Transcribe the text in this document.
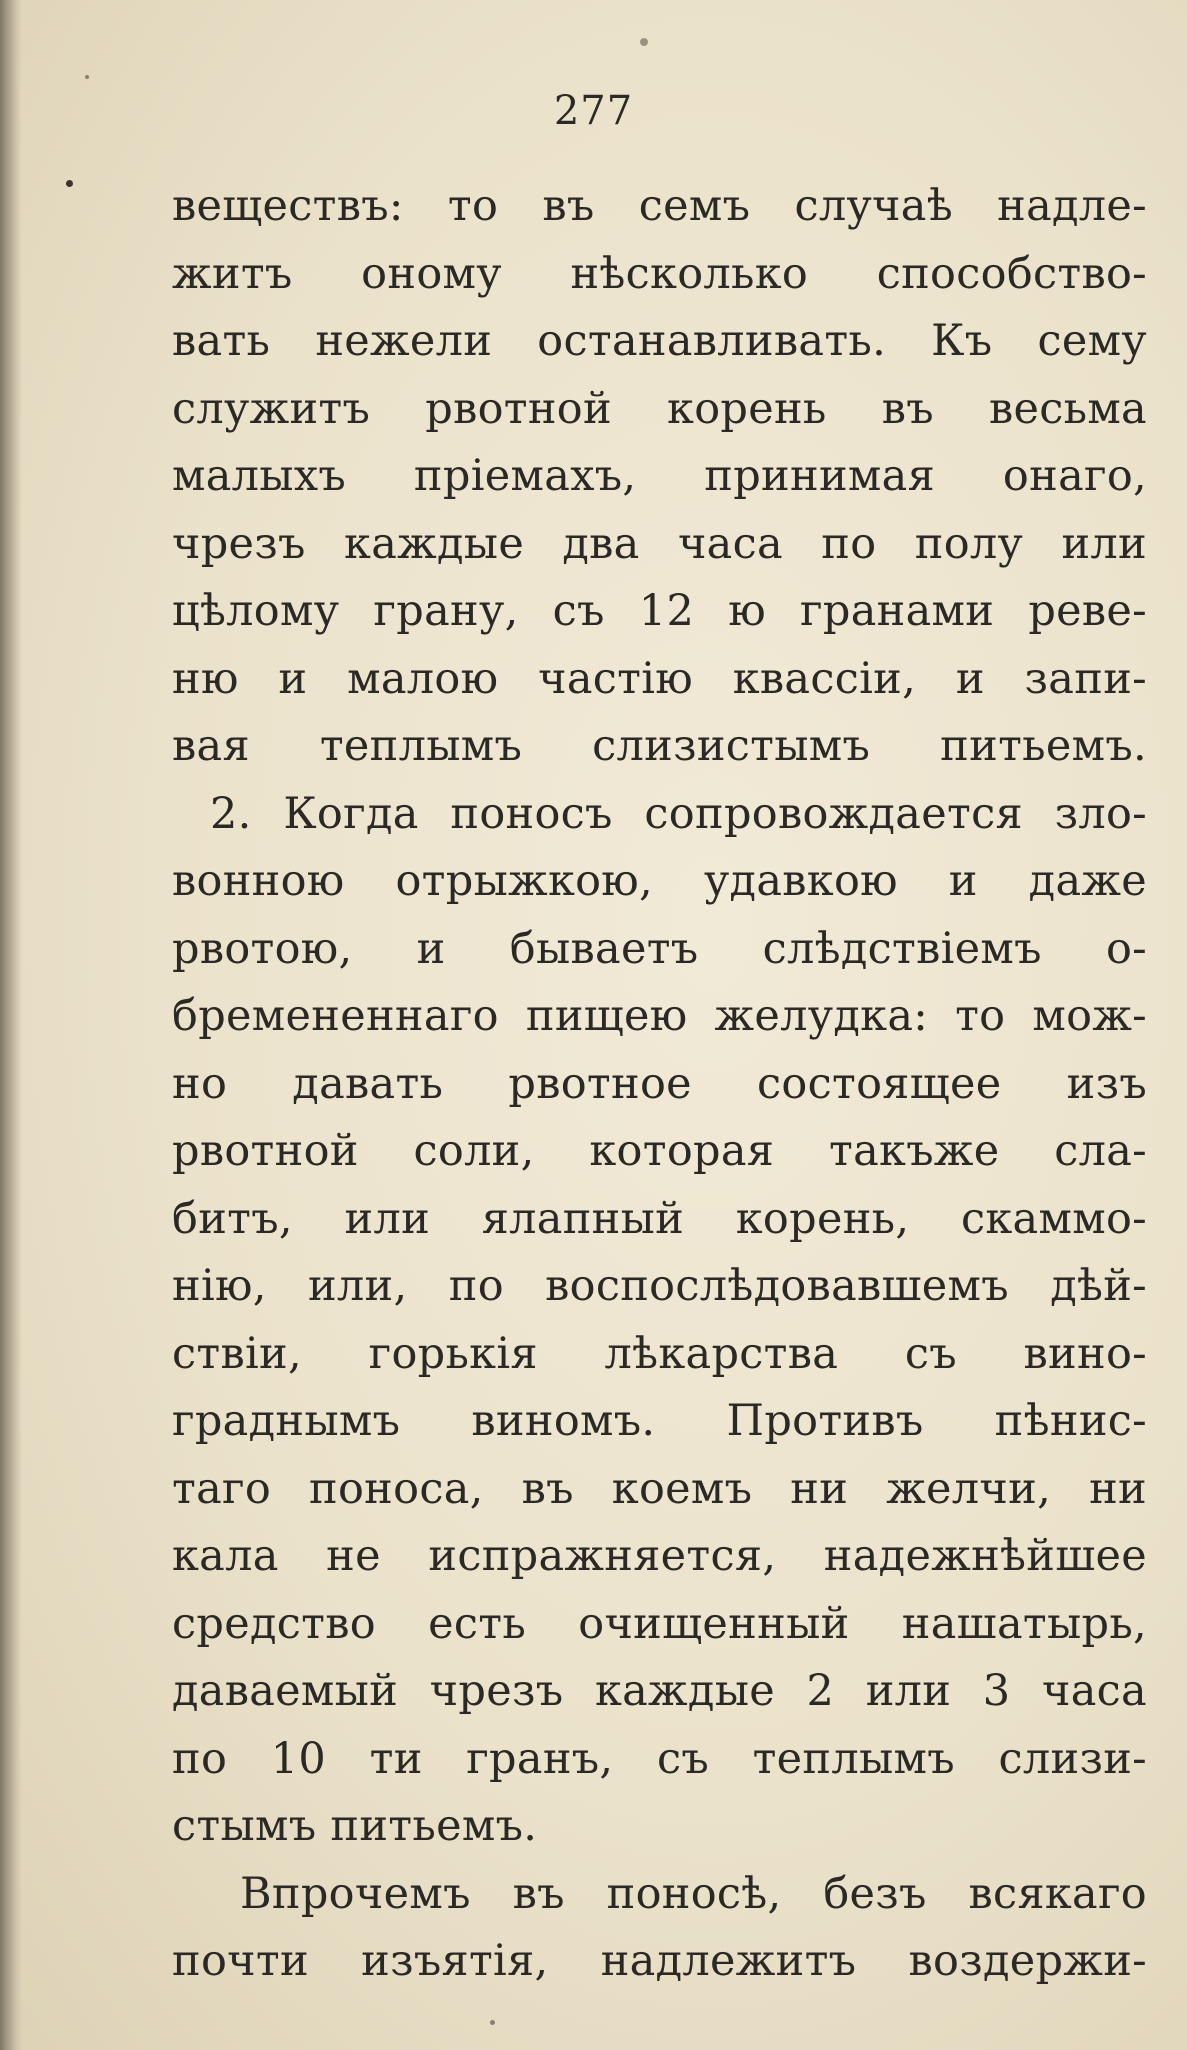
277
веществъ: то въ семъ случаѣ надле-
житъ оному нѣсколько способство-
вать нежели останавливать. Къ сему
служитъ рвотной корень въ весьма
малыхъ пріемахъ, принимая онаго,
чрезъ каждые два часа по полу или
цѣлому грану, съ 12 ю гранами реве-
ню и малою частію квассіи, и запи-
вая теплымъ слизистымъ питьемъ.
2. Когда поносъ сопровождается зло-
вонною отрыжкою, удавкою и даже
рвотою, и бываетъ слѣдствіемъ о-
бремененнаго пищею желудка: то мож-
но давать рвотное состоящее изъ
рвотной соли, которая такъже сла-
битъ, или ялапный корень, скаммо-
нію, или, по воспослѣдовавшемъ дѣй-
ствіи, горькія лѣкарства съ вино-
граднымъ виномъ. Противъ пѣнис-
таго поноса, въ коемъ ни желчи, ни
кала не испражняется, надежнѣйшее
средство есть очищенный нашатырь,
даваемый чрезъ каждые 2 или 3 часа
по 10 ти гранъ, съ теплымъ слизи-
стымъ питьемъ.
Впрочемъ въ поносѣ, безъ всякаго
почти изъятія, надлежитъ воздержи-
